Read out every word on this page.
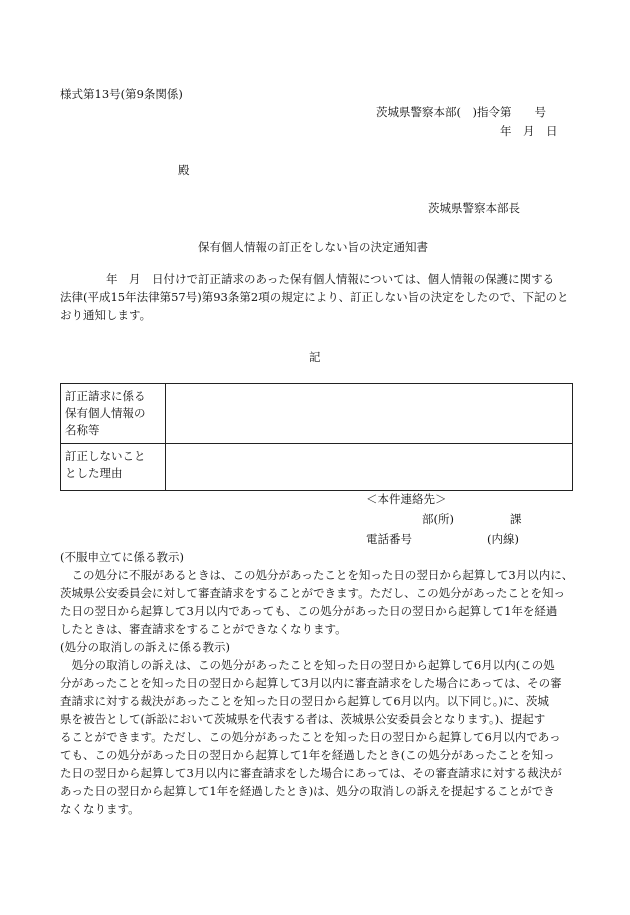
様式第13号(第9条関係)
茨城県警察本部(　)指令第　　号
年　月　日
殿
茨城県警察本部長
保有個人情報の訂正をしない旨の決定通知書
　　　　年　月　日付けで訂正請求のあった保有個人情報については、個人情報の保護に関する
法律(平成15年法律第57号)第93条第2項の規定により、訂正しない旨の決定をしたので、下記のと
おり通知します。
記
訂正請求に係る
保有個人情報の
名称等	

訂正しないこと
とした理由	

＜本件連絡先＞
部(所)	課
電話番号	(内線)
(不服申立てに係る教示)
　この処分に不服があるときは、この処分があったことを知った日の翌日から起算して3月以内に、
茨城県公安委員会に対して審査請求をすることができます。ただし、この処分があったことを知っ
た日の翌日から起算して3月以内であっても、この処分があった日の翌日から起算して1年を経過
したときは、審査請求をすることができなくなります。
(処分の取消しの訴えに係る教示)
　処分の取消しの訴えは、この処分があったことを知った日の翌日から起算して6月以内(この処
分があったことを知った日の翌日から起算して3月以内に審査請求をした場合にあっては、その審
査請求に対する裁決があったことを知った日の翌日から起算して6月以内。以下同じ。)に、茨城
県を被告として(訴訟において茨城県を代表する者は、茨城県公安委員会となります。)、提起す
ることができます。ただし、この処分があったことを知った日の翌日から起算して6月以内であっ
ても、この処分があった日の翌日から起算して1年を経過したとき(この処分があったことを知っ
た日の翌日から起算して3月以内に審査請求をした場合にあっては、その審査請求に対する裁決が
あった日の翌日から起算して1年を経過したとき)は、処分の取消しの訴えを提起することができ
なくなります。
